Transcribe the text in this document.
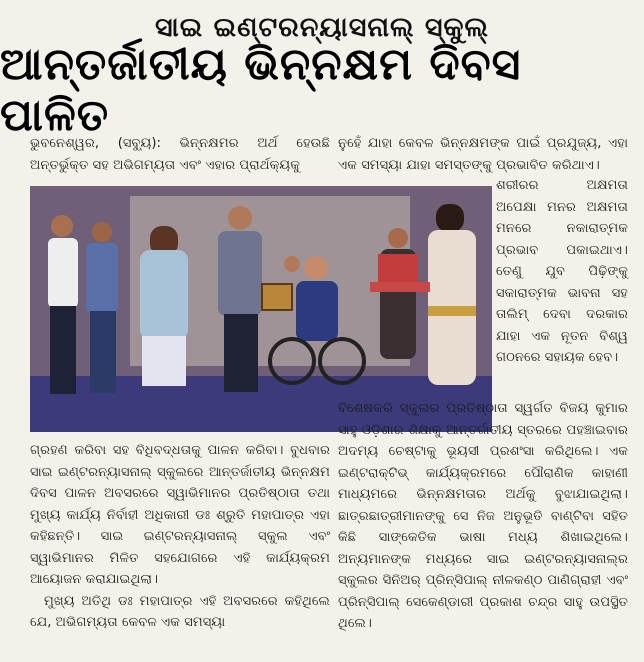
ସାଇ ଇଣ୍ଟରନ୍ୟାସନାଲ୍ ସ୍କୁଲ୍
ଆନ୍ତର୍ଜାତୀୟ ଭିନ୍ନକ୍ଷମ ଦିବସ ପାଳିତ

ଭୁବନେଶ୍ୱର, (ସବ୍ୟୁ): ଭିନ୍ନକ୍ଷମର ଅର୍ଥ ହେଉଛି ଅନ୍ତର୍ଭୁକ୍ତ ସହ ଅଭିଗମ୍ୟତା ଏବଂ ଏହାର ପ୍ରାର୍ଥକ୍ୟକୁ

ନୁହେଁ ଯାହା କେବଳ ଭିନ୍ନକ୍ଷମଙ୍କ ପାଇଁ ପ୍ରଯୁଜ୍ୟ, ଏହା ଏକ ସମସ୍ୟା ଯାହା ସମସ୍ତଙ୍କୁ ପ୍ରଭାବିତ କରିଥାଏ।

ଶରୀରର ଅକ୍ଷମତା ଅପେକ୍ଷା ମନର ଅକ୍ଷମତା ମନରେ ନକାରାତ୍ମକ ପ୍ରଭାବ ପକାଇଥାଏ। ତେଣୁ ଯୁବ ପିଢ଼ିଙ୍କୁ ସକାରାତ୍ମକ ଭାବନା ସହ ତାଲିମ୍ ଦେବା ଦରକାର ଯାହା ଏକ ନୂତନ ବିଶ୍ୱ ଗଠନରେ ସହାୟକ ହେବ।

ଗ୍ରହଣ କରିବା ସହ ବିଧିବଦ୍ଧତାକୁ ପାଳନ କରିବା। ବୁଧବାର ସାଇ ଇଣ୍ଟରନ୍ୟାସନାଲ୍ ସ୍କୁଲରେ ଆନ୍ତର୍ଜାତୀୟ ଭିନ୍ନକ୍ଷମ ଦିବସ ପାଳନ ଅବସରରେ ସ୍ୱାଭିମାନର ପ୍ରତିଷ୍ଠାତା ତଥା ମୁଖ୍ୟ କାର୍ଯ୍ୟ ନିର୍ବାହୀ ଅଧିକାରୀ ଡଃ ଶ୍ରୁତି ମହାପାତ୍ର ଏହା କହିଛନ୍ତି। ସାଇ ଇଣ୍ଟରନ୍ୟାସନାଲ୍ ସ୍କୁଲ ଏବଂ ସ୍ୱାଭିମାନର ମିଳିତ ସହଯୋଗରେ ଏହି କାର୍ଯ୍ୟକ୍ରମ ଆୟୋଜନ କରାଯାଇଥିଲା।

ମୁଖ୍ୟ ଅତିଥି ଡଃ ମହାପାତ୍ର ଏହି ଅବସରରେ କହିଥିଲେ ଯେ, ଅଭିଗମ୍ୟତା କେବଳ ଏକ ସମସ୍ୟା

ବିଶେଷକରି ସ୍କୁଲର ପ୍ରତିଷ୍ଠାତା ସ୍ୱର୍ଗତ ବିଜୟ କୁମାର ସାହୁ ଓଡ଼ିଶାର ଶିକ୍ଷାକୁ ଆନ୍ତର୍ଜାତୀୟ ସ୍ତରରେ ପହଞ୍ଚାଇବାର ଅଦମ୍ୟ ଚେଷ୍ଟାକୁ ଭୂୟସୀ ପ୍ରଶଂସା କରିଥିଲେ। ଏକ ଇଣ୍ଟରାକ୍ଟିଭ୍ କାର୍ଯ୍ୟକ୍ରମରେ ପୌରାଣିକ କାହାଣୀ ମାଧ୍ୟମରେ ଭିନ୍ନକ୍ଷମତାର ଅର୍ଥକୁ ବୁଝାଯାଇଥିଲା। ଛାତ୍ରଛାତ୍ରୀମାନଙ୍କୁ ସେ ନିଜ ଅନୁଭୂତି ବାଣ୍ଟିବା ସହିତ କିଛି ସାଙ୍କେତିକ ଭାଷା ମଧ୍ୟ ଶିଖାଇଥିଲେ। ଅନ୍ୟମାନଙ୍କ ମଧ୍ୟରେ ସାଇ ଇଣ୍ଟରନ୍ୟାସନାଲ୍‌ର ସ୍କୁଲର ସିନିଅର୍ ପ୍ରିନ୍ସିପାଲ୍ ନୀଳକଣ୍ଠ ପାଣିଗ୍ରାହୀ ଏବଂ ପ୍ରିନ୍ସିପାଲ୍ ସେକେଣ୍ଡାରୀ ପ୍ରକାଶ ଚନ୍ଦ୍ର ସାହୁ ଉପସ୍ଥିତ ଥିଲେ।
